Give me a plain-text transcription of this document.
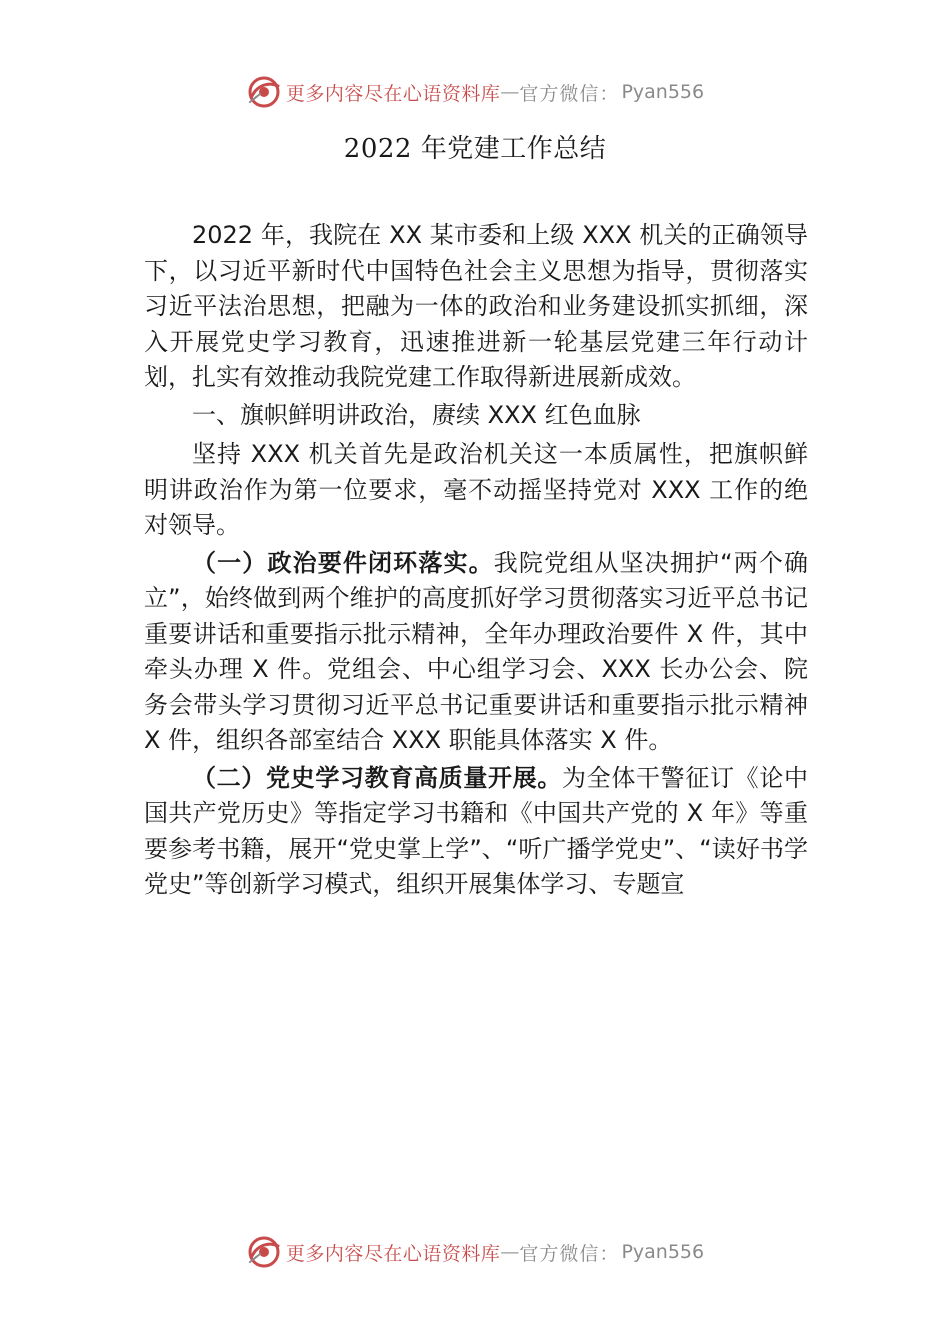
更多内容尽在心语资料库 — 官方微信： Pyan556
2022 年党建工作总结

2022 年，我院在 XX 某市委和上级 XXX 机关的正确领导下，以习近平新时代中国特色社会主义思想为指导，贯彻落实习近平法治思想，把融为一体的政治和业务建设抓实抓细，深入开展党史学习教育，迅速推进新一轮基层党建三年行动计划，扎实有效推动我院党建工作取得新进展新成效。

一、旗帜鲜明讲政治，赓续 XXX 红色血脉

坚持 XXX 机关首先是政治机关这一本质属性，把旗帜鲜明讲政治作为第一位要求，毫不动摇坚持党对 XXX 工作的绝对领导。

（一）政治要件闭环落实。我院党组从坚决拥护“两个确立”，始终做到两个维护的高度抓好学习贯彻落实习近平总书记重要讲话和重要指示批示精神，全年办理政治要件 X 件，其中牵头办理 X 件。党组会、中心组学习会、XXX 长办公会、院务会带头学习贯彻习近平总书记重要讲话和重要指示批示精神 X 件，组织各部室结合 XXX 职能具体落实 X 件。

（二）党史学习教育高质量开展。为全体干警征订《论中国共产党历史》等指定学习书籍和《中国共产党的 X 年》等重要参考书籍，展开“党史掌上学”、“听广播学党史”、“读好书学党史”等创新学习模式，组织开展集体学习、专题宣

更多内容尽在心语资料库 — 官方微信： Pyan556
